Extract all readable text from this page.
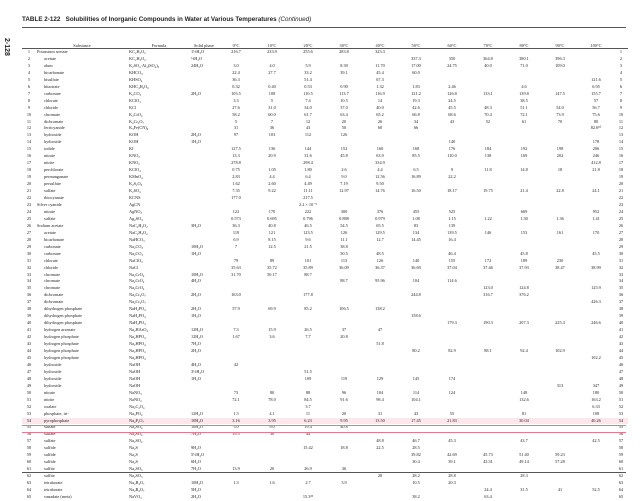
2-128
TABLE 2-122 Solubilities of Inorganic Compounds in Water at Various Temperatures (Continued)
	Substance	Formula	Solid phase	0°C	10°C	20°C	30°C	40°C	50°C	60°C	70°C	80°C	90°C	100°C	
1	Potassium acetate	KC₂H₃O₂	1½H₂O	216.7	233.9	255.6	283.8	323.3							1
2	acetate	KC₂H₃O₂	½H₂O						337.3	350	364.8	380.1	396.3		2
3	alum	K₂SO₄·Al₂(SO₄)₃	24H₂O	3.0	4.0	5.9	8.39	11.70	17.00	24.75	40.0	71.0	109.0		3
4	bicarbonate	KHCO₃		22.4	27.7	33.2	39.1	45.4	60.0						4
5	bisulfate	KHSO₄		36.3		51.4		67.3						121.6	5
6	bitartrate	KHC₄H₄O₆		0.32	0.40	0.53	0.90	1.32	1.83	2.46		4.6		6.95	6
7	carbonate	K₂CO₃	2H₂O	105.5	108	110.5	113.7	116.9	121.2	126.8	133.1	139.8	147.5	155.7	7
8	chlorate	KClO₃		3.3	5	7.4	10.5	14	19.3	24.5		38.5		57	8
9	chloride	KCl		27.6	31.0	34.0	37.0	40.0	42.6	45.5	48.3	51.1	54.0	56.7	9
10	chromate	K₂CrO₄		58.2	60.0	61.7	63.4	65.2	66.8	68.6	70.4	72.1	73.9	75.6	10
11	dichromate	K₂Cr₂O₇		5	7	12	20	26	34	43	52	61	70	80	11
12	ferricyanide	K₃Fe(CN)₆		31	36	43	50	60	66					82.6¹⁰	12
13	hydroxide	KOH	2H₂O	97	103	112	126								13
14	hydroxide	KOH	1H₂O							140				178	14
15	iodide	KI		127.5	136	144	152	160	168	176	184	192	198	206	15
16	nitrate	KNO₃		13.3	20.9	31.6	45.8	63.9	85.5	110.0	138	169	202	246	16
17	nitrite	KNO₂		278.8		298.4		334.9						412.8	17
18	perchlorate	KClO₄		0.75	1.05	1.80	2.6	4.4	6.5	9	11.8	14.8	18	21.8	18
19	permanganate	KMnO₄		2.83	4.4	6.4	9.0	12.56	16.89	22.2					19
20	persulfate	K₂S₂O₈		1.62	2.60	4.49	7.19	9.50							20
21	sulfate	K₂SO₄		7.35	9.22	11.11	12.97	14.76	16.50	18.17	19.75	21.4	22.8	24.1	21
22	thiocyanate	KCNS		177.0		217.5									22
23	Silver cyanide	AgCN				2.2 × 10⁻⁵									23
24	nitrate	AgNO₃		122	170	222	300	376	455	525		669		952	24
25	sulfate	Ag₂SO₄		0.573	0.695	0.796	0.888	0.979	1.08	1.15	1.22	1.30	1.36	1.41	25
26	Sodium acetate	NaC₂H₃O₂	3H₂O	36.3	40.8	46.5	54.5	65.5	83	139					26
27	acetate	NaC₂H₃O₂		119	121	123.5	126	129.5	134	139.5	146	153	161	170	27
28	bicarbonate	NaHCO₃		6.9	8.15	9.6	11.1	12.7	14.45	16.4					28
29	carbonate	Na₂CO₃	10H₂O	7	12.5	21.5	38.8								29
30	carbonate	Na₂CO₃	1H₂O				50.5	48.5		46.4		45.8		45.5	30
31	chlorate	NaClO₃		79	89	101	113	126	140	155	172	189	230		31
32	chloride	NaCl		35.63	35.72	35.89	36.09	36.37	36.69	37.04	37.46	37.93	38.47	38.99	32
33	chromate	Na₂CrO₄	10H₂O	31.70	50.17	88.7									33
34	chromate	Na₂CrO₄	4H₂O				88.7	95.96	104	114.6					34
35	chromate	Na₂CrO₄									123.0	124.8		125.9	35
36	dichromate	Na₂Cr₂O₇	2H₂O	163.0		177.8			244.8		316.7	376.2			36
37	dichromate	Na₂Cr₂O₇												426.3	37
38	dihydrogen phosphate	NaH₂PO₄	2H₂O	57.9	69.9	85.2	106.5	138.2							38
39	dihydrogen phosphate	NaH₂PO₄	1H₂O						158.6						39
40	dihydrogen phosphate	NaH₂PO₄								179.3	190.3	207.3	225.3	246.6	40
41	hydrogen arsenate	Na₂HAsO₄	12H₂O	7.3	15.9	26.5	37	47							41
42	hydrogen phosphate	Na₂HPO₄	12H₂O	1.67	3.6	7.7	20.8								42
43	hydrogen phosphate	Na₂HPO₄	7H₂O					51.8							43
44	hydrogen phosphate	Na₂HPO₄	2H₂O						80.2	82.9	88.1	92.4	102.9		44
45	hydrogen phosphate	Na₂HPO₄												102.2	45
46	hydroxide	NaOH	4H₂O	42											46
47	hydroxide	NaOH	3½H₂O			51.5									47
48	hydroxide	NaOH	1H₂O			109	119	129	145	174					48
49	hydroxide	NaOH											313	347	49
50	nitrate	NaNO₃		73	80	88	96	104	114	124		148		180	50
51	nitrite	NaNO₂		72.1	78.0	84.5	91.6	98.4	104.1			132.6		163.2	51
52	oxalate	Na₂C₂O₄				3.7								6.33	52
53	phosphate, tri-	Na₃PO₄	12H₂O	1.5	4.1	11	20	31	43	55		81		108	53
54	pyrophosphate	Na₄P₂O₇	10H₂O	3.16	3.95	6.23	9.95	13.50	17.45	21.83		30.04		40.26	54
55	sulfate	Na₂SO₄	10H₂O	5.0	9.0	19.4	40.8								55
56	sulfate	Na₂SO₄	7H₂O	19.5	30	44									56
57	sulfate	Na₂SO₄						48.8	46.7	45.3		43.7		42.5	57
58	sulfide	Na₂S	9H₂O			15.42	18.8	22.5	28.5						58
59	sulfide	Na₂S	5½H₂O						39.82	42.69	45.73	51.40	59.23		59
60	sulfide	Na₂S	6H₂O						30.4	39.1	43.31	49.14	57.28		60
61	sulfite	Na₂SO₃	7H₂O	13.9	20	26.9	36								61
62	sulfite	Na₂SO₃						28	28.2	28.8		28.3			62
63	tetraborate	Na₂B₄O₇	10H₂O	1.3	1.6	2.7	3.9		10.5	20.3					63
64	tetraborate	Na₂B₄O₇	5H₂O								24.4	31.5	41	52.5	64
65	vanadate (meta)	NaVO₃	2H₂O			15.3²⁵			38.2		63.4				65
